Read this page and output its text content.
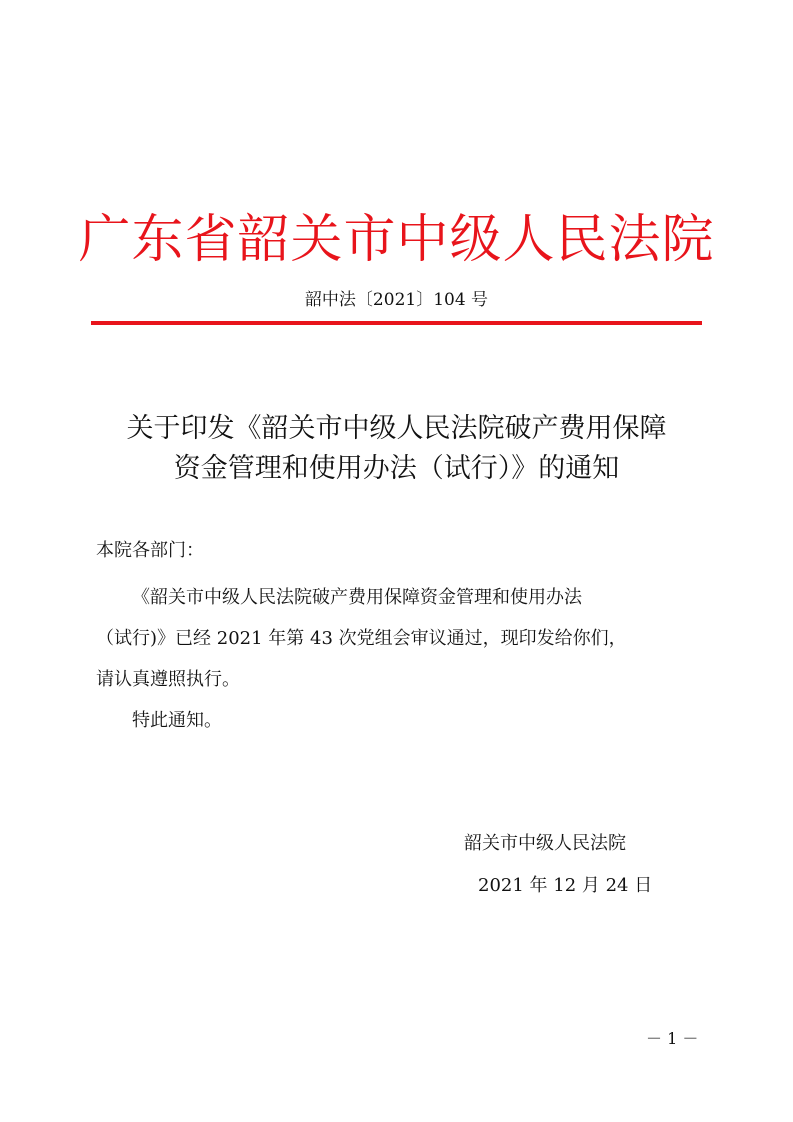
广东省韶关市中级人民法院
韶中法〔2021〕104 号
关于印发《韶关市中级人民法院破产费用保障
资金管理和使用办法（试行）》的通知
本院各部门：
《韶关市中级人民法院破产费用保障资金管理和使用办法
（试行)》已经 2021 年第 43 次党组会审议通过，现印发给你们，
请认真遵照执行。
特此通知。
韶关市中级人民法院
2021 年 12 月 24 日
－ 1 －
